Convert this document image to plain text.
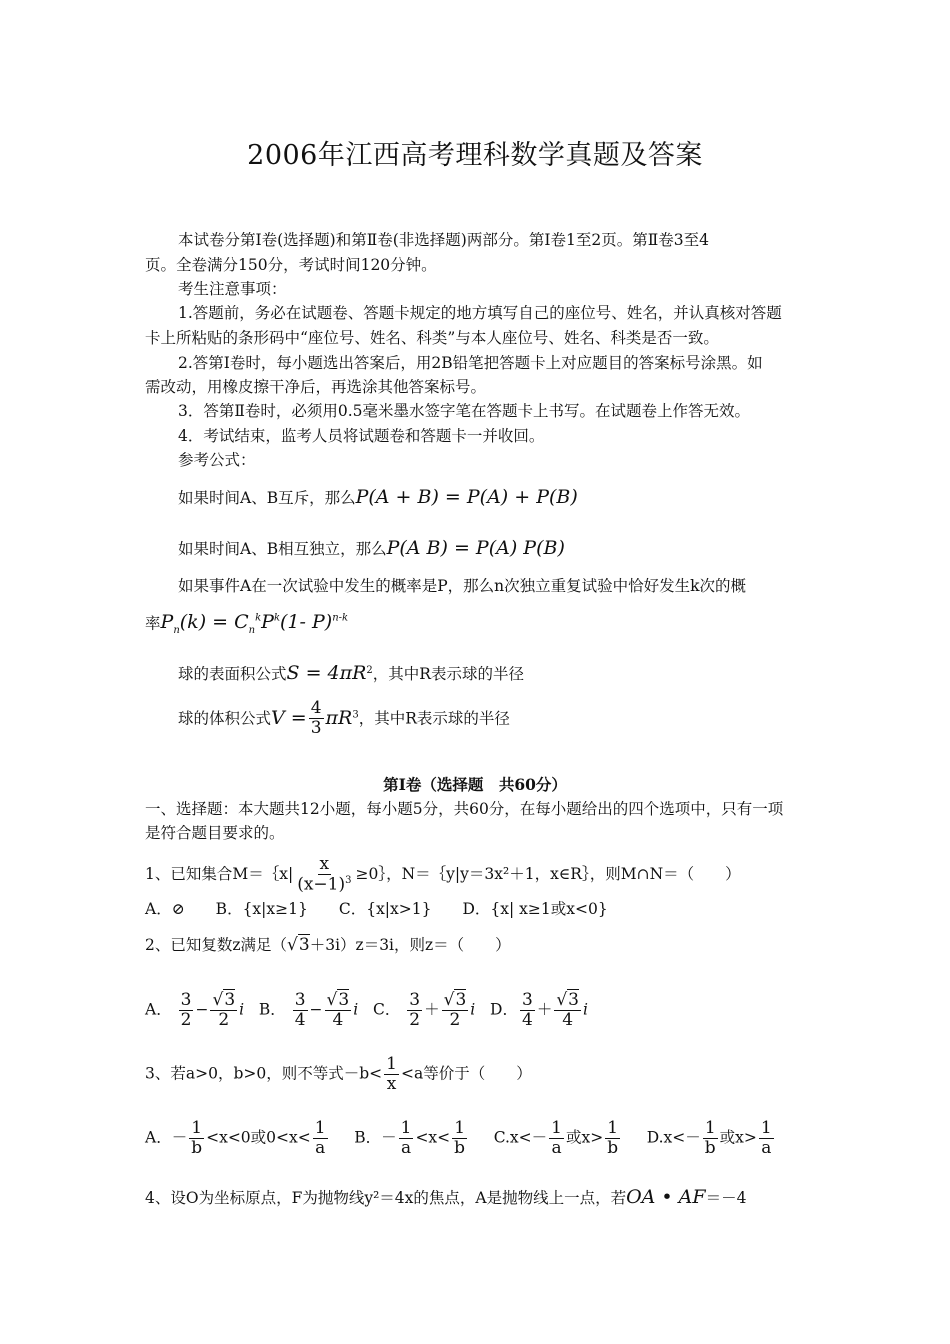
2006年江西高考理科数学真题及答案
本试卷分第Ⅰ卷(选择题)和第Ⅱ卷(非选择题)两部分。第Ⅰ卷1至2页。第Ⅱ卷3至4
页。全卷满分150分，考试时间120分钟。
考生注意事项：
1.答题前，务必在试题卷、答题卡规定的地方填写自己的座位号、姓名，并认真核对答题
卡上所粘贴的条形码中“座位号、姓名、科类”与本人座位号、姓名、科类是否一致。
2.答第Ⅰ卷时，每小题选出答案后，用2B铅笔把答题卡上对应题目的答案标号涂黑。如
需改动，用橡皮擦干净后，再选涂其他答案标号。
3．答第Ⅱ卷时，必须用0.5毫米墨水签字笔在答题卡上书写。在试题卷上作答无效。
4．考试结束，监考人员将试题卷和答题卡一并收回。
参考公式：
如果时间A、B互斥，那么P(A + B) = P(A) + P(B)
如果时间A、B相互独立，那么P(A B) = P(A) P(B)
如果事件A在一次试验中发生的概率是P，那么n次独立重复试验中恰好发生k次的概
率$P_n(k) = C_n^kP^k(1-$ P)$^{n-k}$
球的表面积公式$S = 4\pi R^2$，其中R表示球的半径
球的体积公式$V = \frac{4}{3} \pi R^3$，其中R表示球的半径
第Ⅰ卷（选择题　共60分）
一、选择题：本大题共12小题，每小题5分，共60分，在每小题给出的四个选项中，只有一项
是符合题目要求的。
1、已知集合M＝｛x| $\frac{x}{(x-1)^3}$ ≥0｝，N＝｛y|y＝3x²＋1，x∈R｝，则M∩N＝（　　）
A．⊘　　B．{x|x≥1}　　C．{x|x>1}　　D．{x| x≥1或x<0}
2、已知复数z满足（√3＋3i）z＝3i，则z＝（　　）
A． $\frac{3}{2} - \frac{√3}{2}$ i B． $\frac{3}{4} - \frac{√3}{4}$ i C． $\frac{3}{2} + \frac{√3}{2}$ i D． $\frac{3}{4} + \frac{√3}{4}$ i
3、若a>0，b>0，则不等式$-b< \frac{1}{x} <a$等价于（　　）
A．－ $\frac{1}{b} <x<0$或$0<x< \frac{1}{a}$ B．－ $\frac{1}{a} <x< \frac{1}{b} C.x<- \frac{1}{a}$ 或$x> \frac{1}{b} D.x<- \frac{1}{b}$ 或$x> \frac{1}{a}$
4、设O为坐标原点，F为抛物线y²＝4x的焦点，A是抛物线上一点，若OA • AF＝－4
